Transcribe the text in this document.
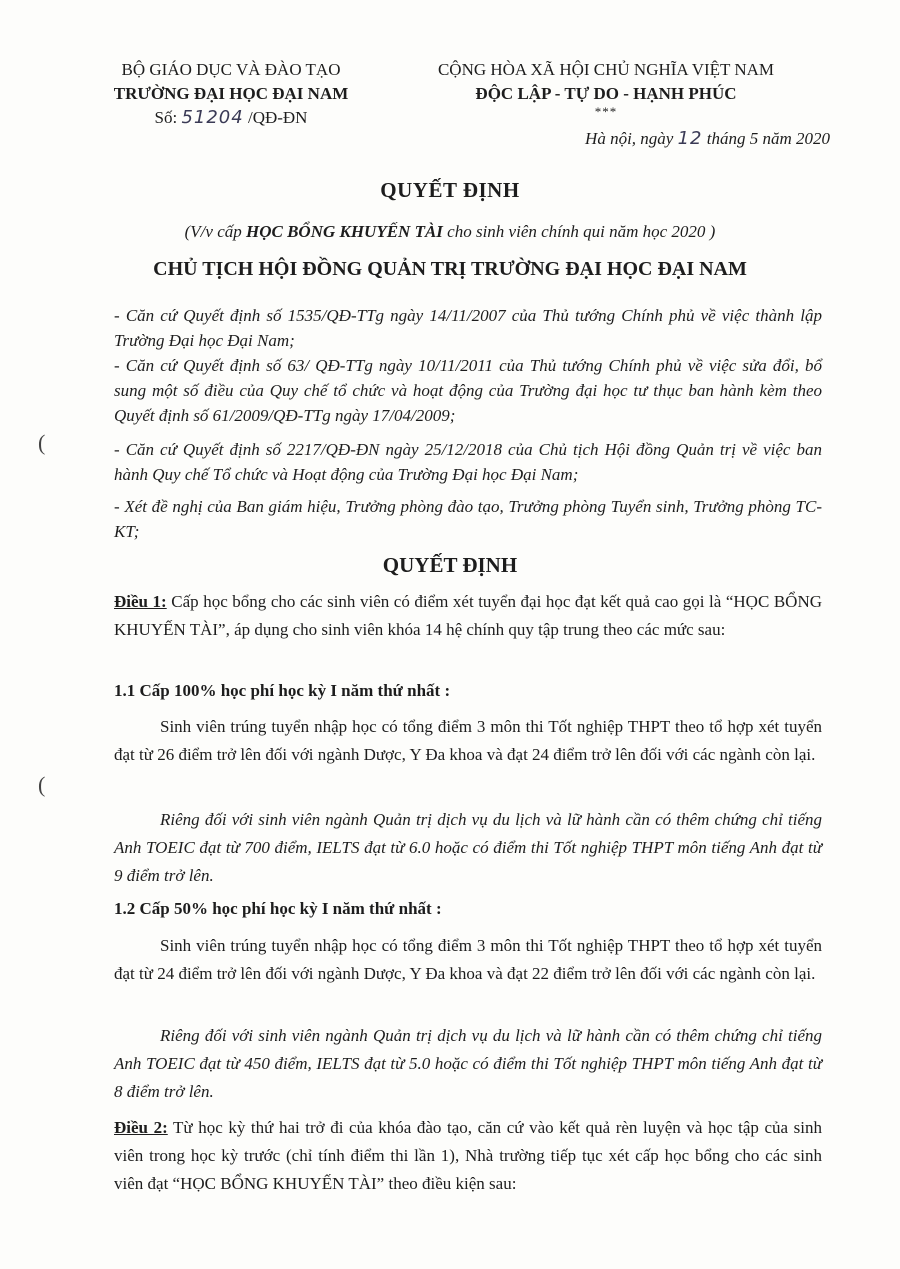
BỘ GIÁO DỤC VÀ ĐÀO TẠO
TRƯỜNG ĐẠI HỌC ĐẠI NAM
Số: 51204 /QĐ-ĐN
CỘNG HÒA XÃ HỘI CHỦ NGHĨA VIỆT NAM
ĐỘC LẬP - TỰ DO - HẠNH PHÚC
***
Hà nội, ngày 12 tháng 5 năm 2020
QUYẾT ĐỊNH
(V/v cấp HỌC BỔNG KHUYẾN TÀI cho sinh viên chính qui năm học 2020 )
CHỦ TỊCH HỘI ĐỒNG QUẢN TRỊ TRƯỜNG ĐẠI HỌC ĐẠI NAM
- Căn cứ Quyết định số 1535/QĐ-TTg ngày 14/11/2007 của Thủ tướng Chính phủ về việc thành lập Trường Đại học Đại Nam;
- Căn cứ Quyết định số 63/ QĐ-TTg ngày 10/11/2011 của Thủ tướng Chính phủ về việc sửa đổi, bổ sung một số điều của Quy chế tổ chức và hoạt động của Trường đại học tư thục ban hành kèm theo Quyết định số 61/2009/QĐ-TTg ngày 17/04/2009;
- Căn cứ Quyết định số 2217/QĐ-ĐN ngày 25/12/2018 của Chủ tịch Hội đồng Quản trị về việc ban hành Quy chế Tổ chức và Hoạt động của Trường Đại học Đại Nam;
- Xét đề nghị của Ban giám hiệu, Trưởng phòng đào tạo, Trưởng phòng Tuyển sinh, Trưởng phòng TC-KT;
(
(
QUYẾT ĐỊNH
Điều 1: Cấp học bổng cho các sinh viên có điểm xét tuyển đại học đạt kết quả cao gọi là “HỌC BỔNG KHUYẾN TÀI”, áp dụng cho sinh viên khóa 14 hệ chính quy tập trung theo các mức sau:
1.1 Cấp 100% học phí học kỳ I năm thứ nhất :
Sinh viên trúng tuyển nhập học có tổng điểm 3 môn thi Tốt nghiệp THPT theo tổ hợp xét tuyển đạt từ 26 điểm trở lên đối với ngành Dược, Y Đa khoa và đạt 24 điểm trở lên đối với các ngành còn lại.
Riêng đối với sinh viên ngành Quản trị dịch vụ du lịch và lữ hành cần có thêm chứng chỉ tiếng Anh TOEIC đạt từ 700 điểm, IELTS đạt từ 6.0 hoặc có điểm thi Tốt nghiệp THPT môn tiếng Anh đạt từ 9 điểm trở lên.
1.2 Cấp 50% học phí học kỳ I năm thứ nhất :
Sinh viên trúng tuyển nhập học có tổng điểm 3 môn thi Tốt nghiệp THPT theo tổ hợp xét tuyển đạt từ 24 điểm trở lên đối với ngành Dược, Y Đa khoa và đạt 22 điểm trở lên đối với các ngành còn lại.
Riêng đối với sinh viên ngành Quản trị dịch vụ du lịch và lữ hành cần có thêm chứng chỉ tiếng Anh TOEIC đạt từ 450 điểm, IELTS đạt từ 5.0 hoặc có điểm thi Tốt nghiệp THPT môn tiếng Anh đạt từ 8 điểm trở lên.
Điều 2: Từ học kỳ thứ hai trở đi của khóa đào tạo, căn cứ vào kết quả rèn luyện và học tập của sinh viên trong học kỳ trước (chỉ tính điểm thi lần 1), Nhà trường tiếp tục xét cấp học bổng cho các sinh viên đạt “HỌC BỔNG KHUYẾN TÀI” theo điều kiện sau:
